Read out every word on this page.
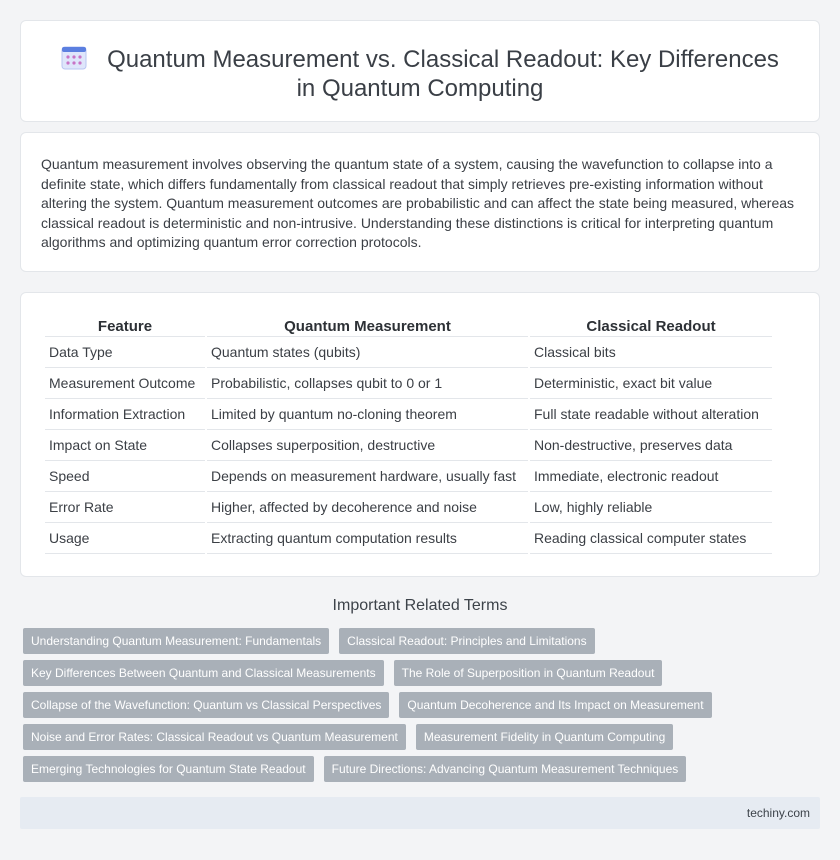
Quantum Measurement vs. Classical Readout: Key Differences in Quantum Computing

Quantum measurement involves observing the quantum state of a system, causing the wavefunction to collapse into a definite state, which differs fundamentally from classical readout that simply retrieves pre-existing information without altering the system. Quantum measurement outcomes are probabilistic and can affect the state being measured, whereas classical readout is deterministic and non-intrusive. Understanding these distinctions is critical for interpreting quantum algorithms and optimizing quantum error correction protocols.

Feature	Quantum Measurement	Classical Readout
Data Type	Quantum states (qubits)	Classical bits
Measurement Outcome	Probabilistic, collapses qubit to 0 or 1	Deterministic, exact bit value
Information Extraction	Limited by quantum no-cloning theorem	Full state readable without alteration
Impact on State	Collapses superposition, destructive	Non-destructive, preserves data
Speed	Depends on measurement hardware, usually fast	Immediate, electronic readout
Error Rate	Higher, affected by decoherence and noise	Low, highly reliable
Usage	Extracting quantum computation results	Reading classical computer states
Important Related Terms
Understanding Quantum Measurement: Fundamentals Classical Readout: Principles and Limitations
Key Differences Between Quantum and Classical Measurements The Role of Superposition in Quantum Readout
Collapse of the Wavefunction: Quantum vs Classical Perspectives Quantum Decoherence and Its Impact on Measurement
Noise and Error Rates: Classical Readout vs Quantum Measurement Measurement Fidelity in Quantum Computing
Emerging Technologies for Quantum State Readout Future Directions: Advancing Quantum Measurement Techniques
techiny.com
